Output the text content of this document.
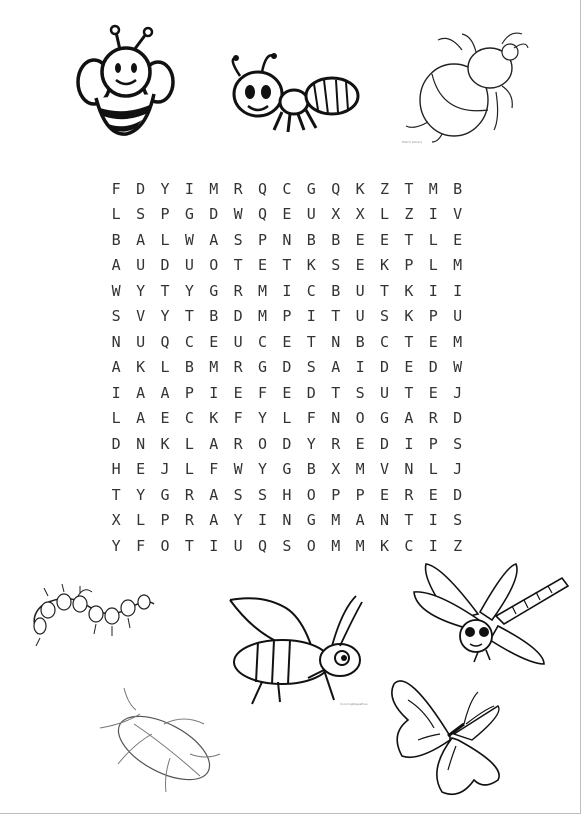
Hatch Library
F	D	Y	I	M	R	Q	C	G	Q	K	Z	T	M	B
L	S	P	G	D	W	Q	E	U	X	X	L	Z	I	V
B	A	L	W	A	S	P	N	B	B	E	E	T	L	E
A	U	D	U	O	T	E	T	K	S	E	K	P	L	M
W	Y	T	Y	G	R	M	I	C	B	U	T	K	I	I
S	V	Y	T	B	D	M	P	I	T	U	S	K	P	U
N	U	Q	C	E	U	C	E	T	N	B	C	T	E	M
A	K	L	B	M	R	G	D	S	A	I	D	E	D	W
I	A	A	P	I	E	F	E	D	T	S	U	T	E	J
L	A	E	C	K	F	Y	L	F	N	O	G	A	R	D
D	N	K	L	A	R	O	D	Y	R	E	D	I	P	S
H	E	J	L	F	W	Y	G	B	X	M	V	N	L	J
T	Y	G	R	A	S	S	H	O	P	P	E	R	E	D
X	L	P	R	A	Y	I	N	G	M	A	N	T	I	S
Y	F	O	T	I	U	Q	S	O	M	M	K	C	I	Z
ColoringPagesPlus
